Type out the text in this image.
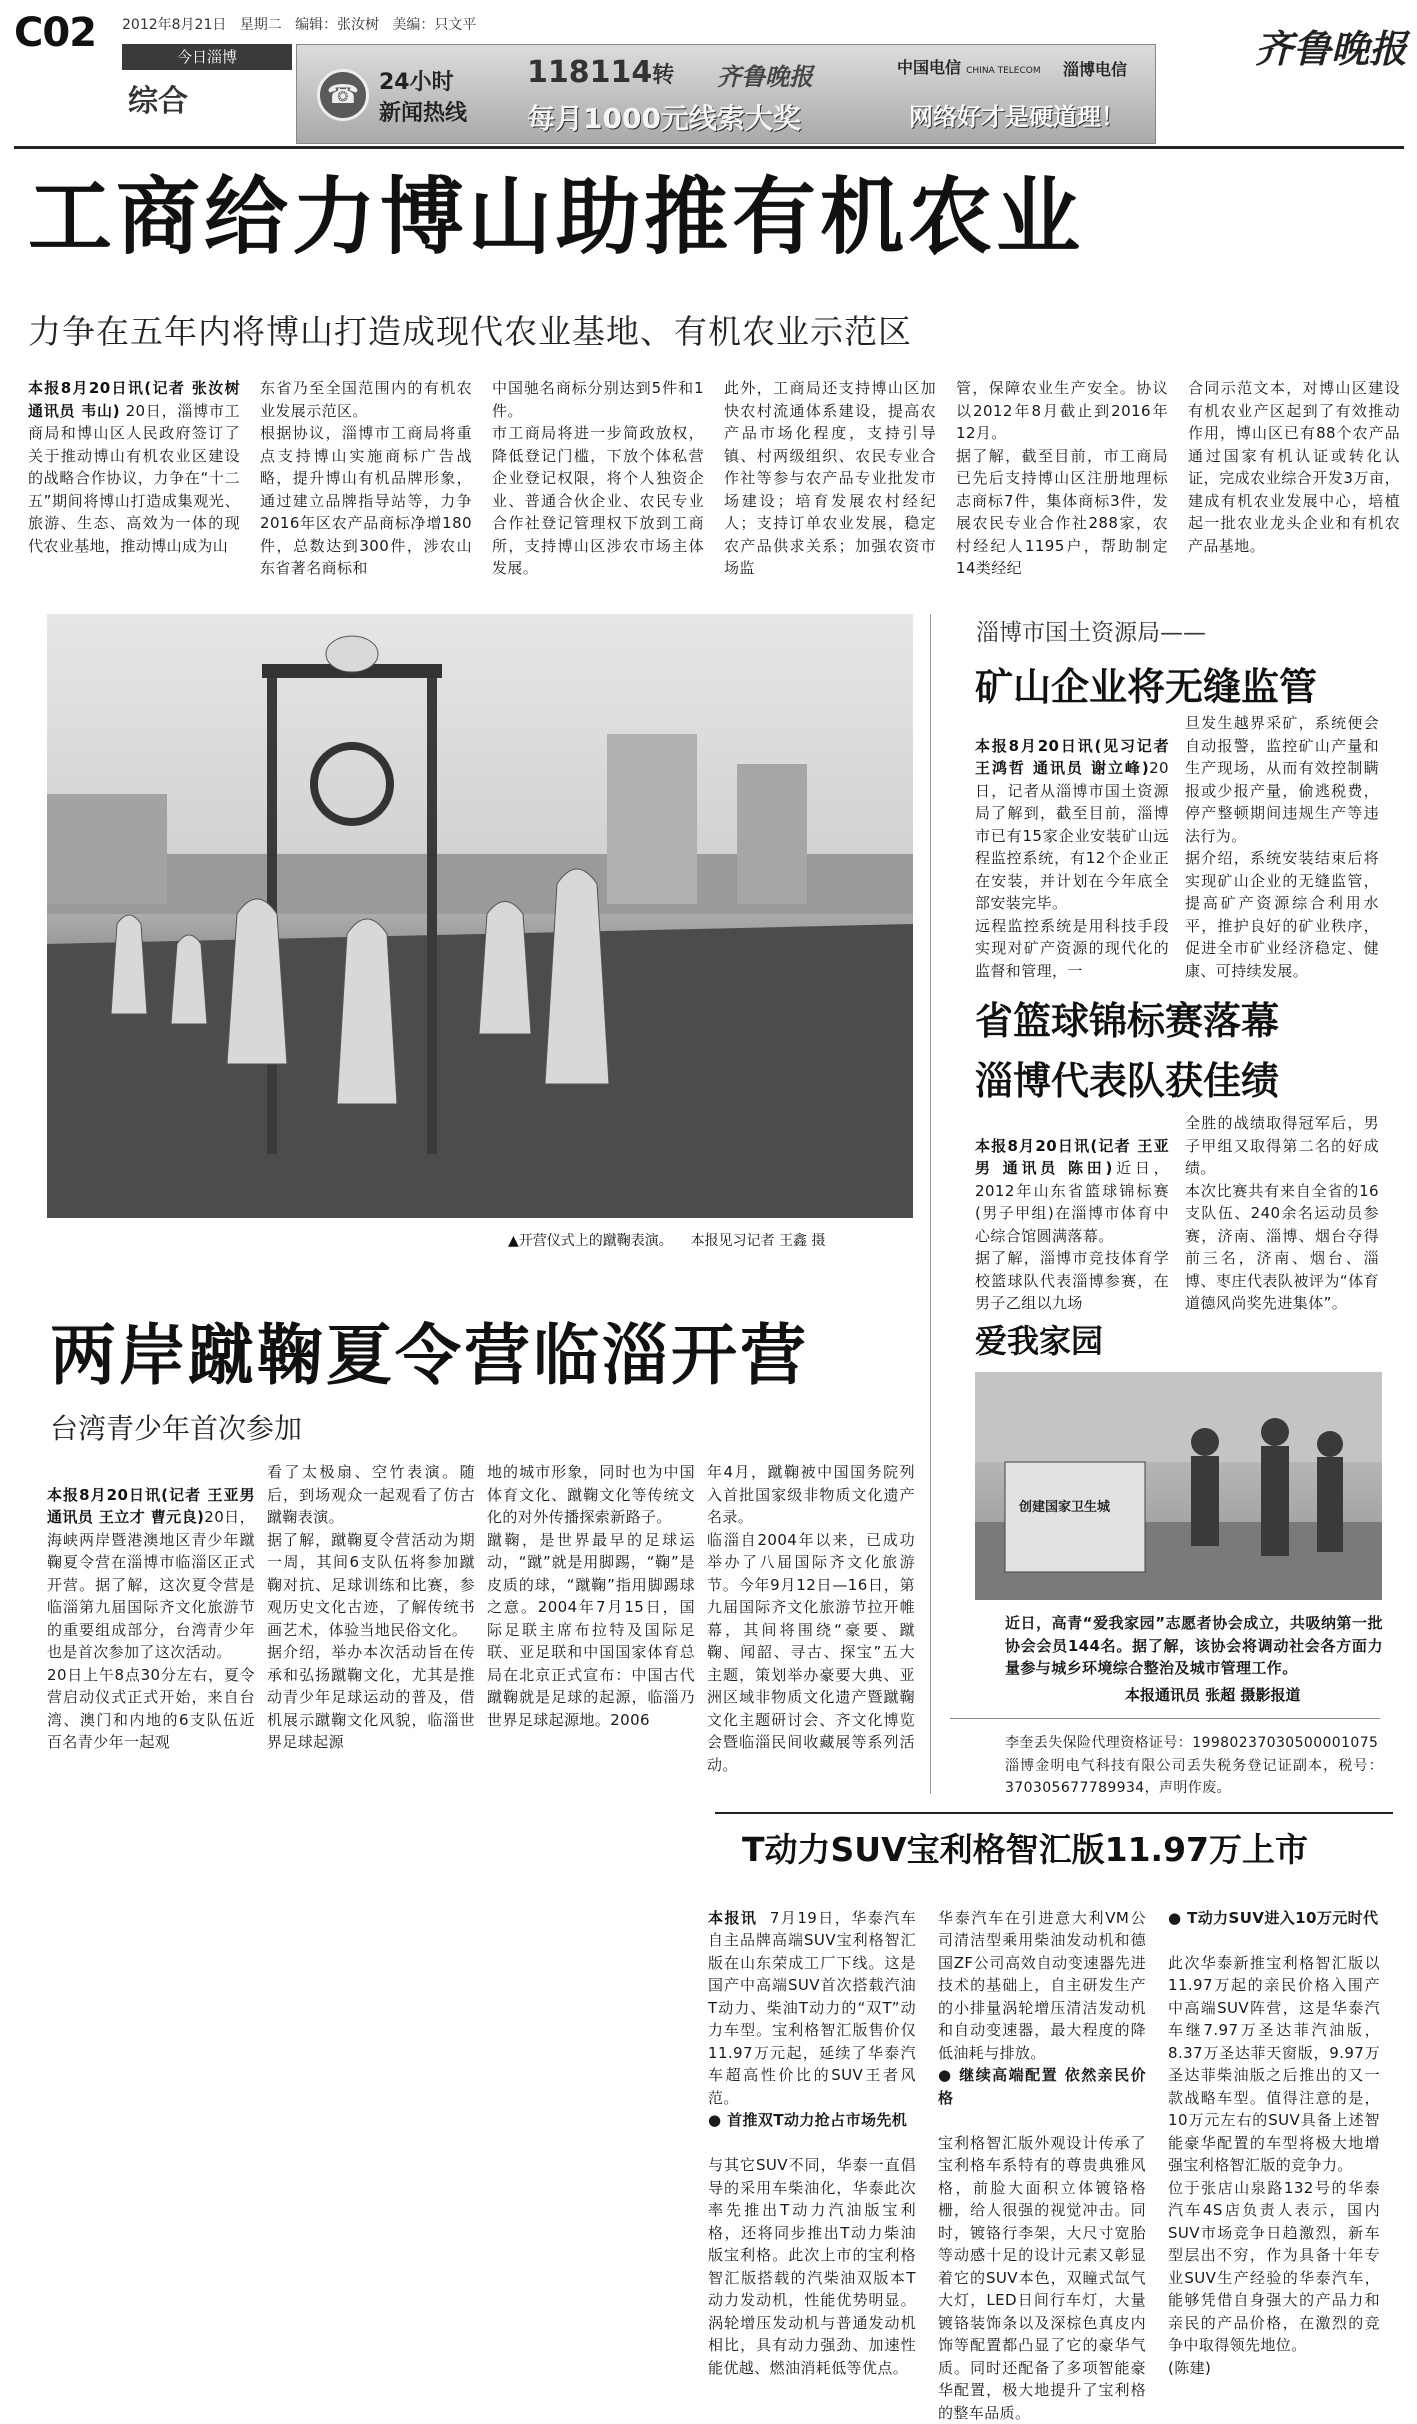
C02 2012年8月21日 星期二 编辑：张汝树 美编：只文平
今日淄博
综合	☎ 24小时
新闻热线
118114转 齐鲁晚报
每月1000元线索大奖
中国电信 CHINA TELECOM 淄博电信
网络好才是硬道理！
齐鲁晚报
工商给力博山助推有机农业
力争在五年内将博山打造成现代农业基地、有机农业示范区
本报8月20日讯(记者 张汝树 通讯员 韦山) 20日，淄博市工商局和博山区人民政府签订了关于推动博山有机农业区建设的战略合作协议，力争在“十二五”期间将博山打造成集观光、旅游、生态、高效为一体的现代农业基地，推动博山成为山
东省乃至全国范围内的有机农业发展示范区。
根据协议，淄博市工商局将重点支持博山实施商标广告战略，提升博山有机品牌形象，通过建立品牌指导站等，力争2016年区农产品商标净增180件，总数达到300件，涉农山东省著名商标和
中国驰名商标分别达到5件和1件。
市工商局将进一步简政放权，降低登记门槛，下放个体私营企业登记权限，将个人独资企业、普通合伙企业、农民专业合作社登记管理权下放到工商所，支持博山区涉农市场主体发展。
此外，工商局还支持博山区加快农村流通体系建设，提高农产品市场化程度，支持引导镇、村两级组织、农民专业合作社等参与农产品专业批发市场建设；培育发展农村经纪人；支持订单农业发展，稳定农产品供求关系；加强农资市场监
管，保障农业生产安全。协议以2012年8月截止到2016年12月。
据了解，截至目前，市工商局已先后支持博山区注册地理标志商标7件，集体商标3件，发展农民专业合作社288家，农村经纪人1195户，帮助制定14类经纪
合同示范文本，对博山区建设有机农业产区起到了有效推动作用，博山区已有88个农产品通过国家有机认证或转化认证，完成农业综合开发3万亩，建成有机农业发展中心，培植起一批农业龙头企业和有机农产品基地。
▲开营仪式上的蹴鞠表演。 本报见习记者 王鑫 摄
两岸蹴鞠夏令营临淄开营
台湾青少年首次参加

本报8月20日讯(记者 王亚男 通讯员 王立才 曹元良)20日，海峡两岸暨港澳地区青少年蹴鞠夏令营在淄博市临淄区正式开营。据了解，这次夏令营是临淄第九届国际齐文化旅游节的重要组成部分，台湾青少年也是首次参加了这次活动。
20日上午8点30分左右，夏令营启动仪式正式开始，来自台湾、澳门和内地的6支队伍近百名青少年一起观

看了太极扇、空竹表演。随后，到场观众一起观看了仿古蹴鞠表演。
据了解，蹴鞠夏令营活动为期一周，其间6支队伍将参加蹴鞠对抗、足球训练和比赛，参观历史文化古迹，了解传统书画艺术，体验当地民俗文化。
据介绍，举办本次活动旨在传承和弘扬蹴鞠文化，尤其是推动青少年足球运动的普及，借机展示蹴鞠文化风貌，临淄世界足球起源
地的城市形象，同时也为中国体育文化、蹴鞠文化等传统文化的对外传播探索新路子。
蹴鞠，是世界最早的足球运动，“蹴”就是用脚踢，“鞠”是皮质的球，“蹴鞠”指用脚踢球之意。2004年7月15日，国际足联主席布拉特及国际足联、亚足联和中国国家体育总局在北京正式宣布：中国古代蹴鞠就是足球的起源，临淄乃世界足球起源地。2006
年4月，蹴鞠被中国国务院列入首批国家级非物质文化遗产名录。
临淄自2004年以来，已成功举办了八届国际齐文化旅游节。今年9月12日—16日，第九届国际齐文化旅游节拉开帷幕，其间将围绕“豪要、蹴鞠、闻韶、寻古、探宝”五大主题，策划举办豪要大典、亚洲区域非物质文化遗产暨蹴鞠文化主题研讨会、齐文化博览会暨临淄民间收藏展等系列活动。
淄博市国土资源局——
矿山企业将无缝监管

本报8月20日讯(见习记者 王鸿哲 通讯员 谢立峰)20日，记者从淄博市国土资源局了解到，截至目前，淄博市已有15家企业安装矿山远程监控系统，有12个企业正在安装，并计划在今年底全部安装完毕。
远程监控系统是用科技手段实现对矿产资源的现代化的监督和管理，一

旦发生越界采矿，系统便会自动报警，监控矿山产量和生产现场，从而有效控制瞒报或少报产量，偷逃税费，停产整顿期间违规生产等违法行为。
据介绍，系统安装结束后将实现矿山企业的无缝监管，提高矿产资源综合利用水平，推护良好的矿业秩序，促进全市矿业经济稳定、健康、可持续发展。
省篮球锦标赛落幕
淄博代表队获佳绩

本报8月20日讯(记者 王亚男 通讯员 陈田)近日，2012年山东省篮球锦标赛(男子甲组)在淄博市体育中心综合馆圆满落幕。
据了解，淄博市竞技体育学校篮球队代表淄博参赛，在男子乙组以九场

全胜的战绩取得冠军后，男子甲组又取得第二名的好成绩。
本次比赛共有来自全省的16支队伍、240余名运动员参赛，济南、淄博、烟台夺得前三名，济南、烟台、淄博、枣庄代表队被评为“体育道德风尚奖先进集体”。
爱我家园
创建国家卫生城
近日，高青“爱我家园”志愿者协会成立，共吸纳第一批协会会员144名。据了解，该协会将调动社会各方面力量参与城乡环境综合整治及城市管理工作。
本报通讯员 张超 摄影报道
李奎丢失保险代理资格证号：19980237030500001075
淄博金明电气科技有限公司丢失税务登记证副本，税号：370305677789934，声明作废。
T动力SUV宝利格智汇版11.97万上市

本报讯 7月19日，华泰汽车自主品牌高端SUV宝利格智汇版在山东荣成工厂下线。这是国产中高端SUV首次搭载汽油T动力、柴油T动力的“双T”动力车型。宝利格智汇版售价仅11.97万元起，延续了华泰汽车超高性价比的SUV王者风范。

● 首推双T动力抢占市场先机

与其它SUV不同，华泰一直倡导的采用车柴油化，华泰此次率先推出T动力汽油版宝利格，还将同步推出T动力柴油版宝利格。此次上市的宝利格智汇版搭载的汽柴油双版本T动力发动机，性能优势明显。涡轮增压发动机与普通发动机相比，具有动力强劲、加速性能优越、燃油消耗低等优点。

华泰汽车在引进意大利VM公司清洁型乘用柴油发动机和德国ZF公司高效自动变速器先进技术的基础上，自主研发生产的小排量涡轮增压清洁发动机和自动变速器，最大程度的降低油耗与排放。

● 继续高端配置 依然亲民价格

宝利格智汇版外观设计传承了宝利格车系特有的尊贵典雅风格，前脸大面积立体镀铬格栅，给人很强的视觉冲击。同时，镀铬行李架，大尺寸宽胎等动感十足的设计元素又彰显着它的SUV本色，双瞳式氙气大灯，LED日间行车灯，大量镀铬装饰条以及深棕色真皮内饰等配置都凸显了它的豪华气质。同时还配备了多项智能豪华配置，极大地提升了宝利格的整车品质。

● T动力SUV进入10万元时代

此次华泰新推宝利格智汇版以11.97万起的亲民价格入围产中高端SUV阵营，这是华泰汽车继7.97万圣达菲汽油版，8.37万圣达菲天窗版，9.97万圣达菲柴油版之后推出的又一款战略车型。值得注意的是，10万元左右的SUV具备上述智能豪华配置的车型将极大地增强宝利格智汇版的竞争力。
位于张店山泉路132号的华泰汽车4S店负责人表示，国内SUV市场竞争日趋激烈，新车型层出不穷，作为具备十年专业SUV生产经验的华泰汽车，能够凭借自身强大的产品力和亲民的产品价格，在激烈的竞争中取得领先地位。
(陈建)
